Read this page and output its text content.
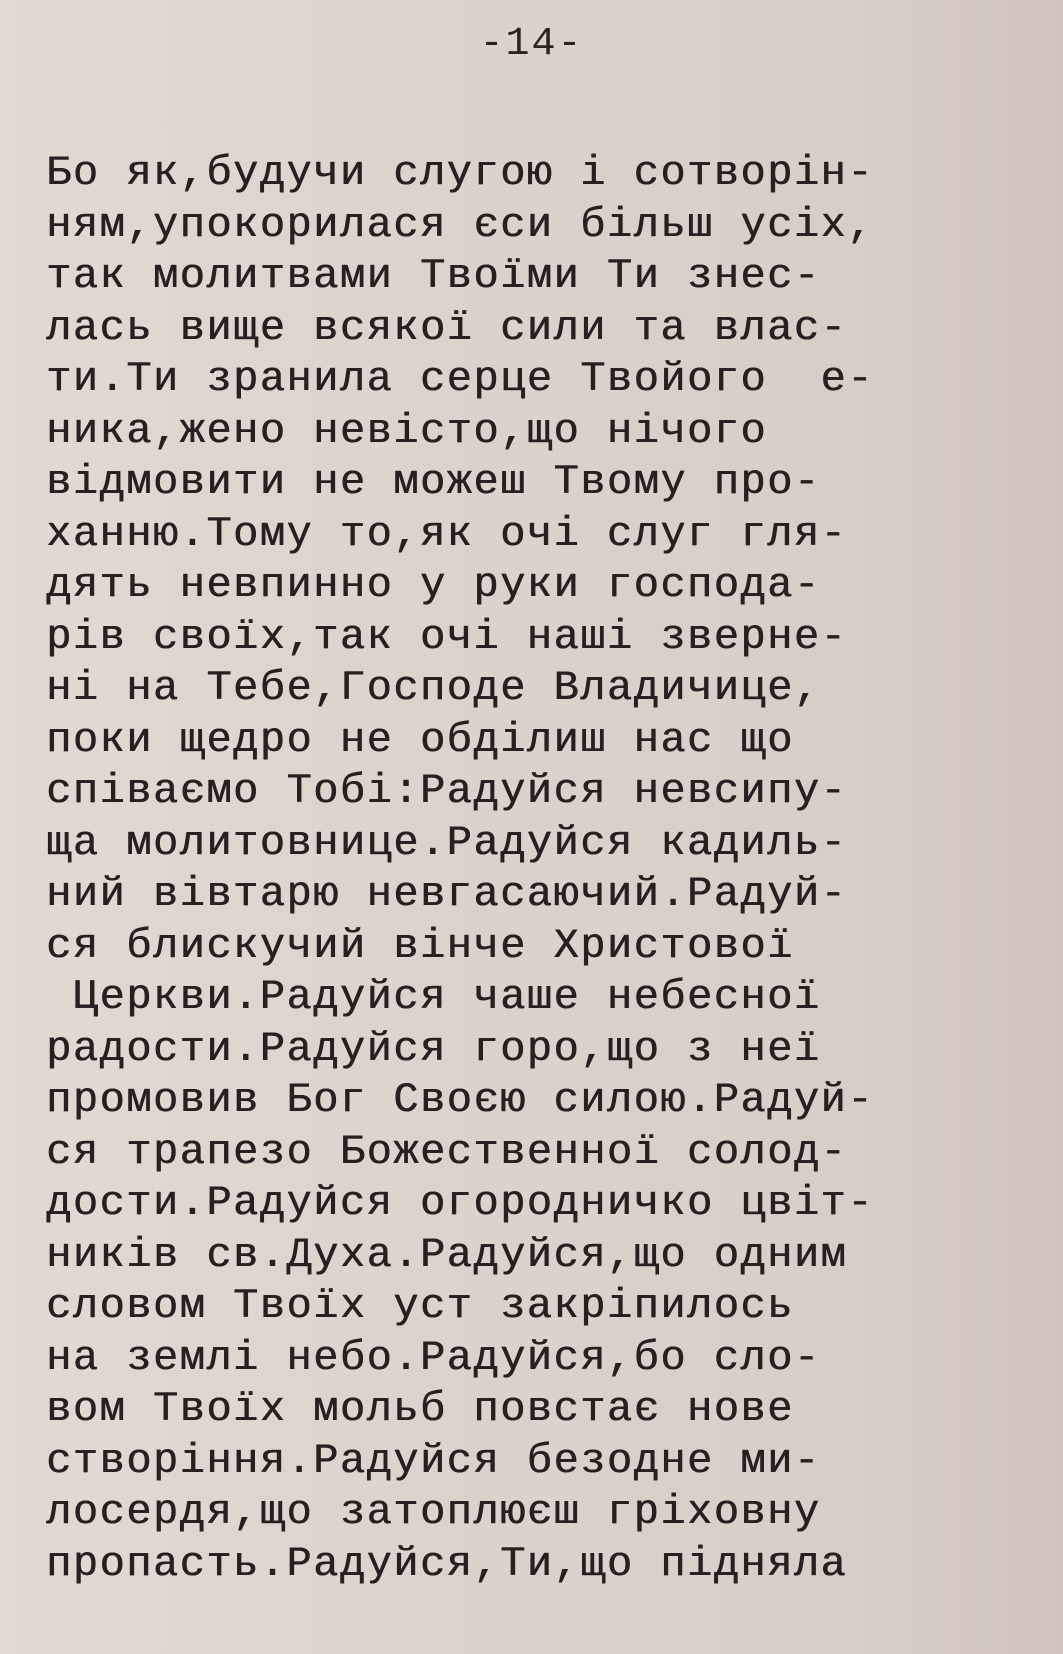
-14-
Бо як,будучи слугою і сотворін-
ням,упокорилася єси більш усіх,
так молитвами Твоїми Ти знес-
лась вище всякої сили та влас-
ти.Ти зранила серце Твойого  е-
ника,жено невісто,що нічого
відмовити не можеш Твому про-
ханню.Тому то,як очі слуг гля-
дять невпинно у руки господа-
рів своїх,так очі наші зверне-
ні на Тебе,Господе Владичице,
поки щедро не обділиш нас що
співаємо Тобі:Радуйся невсипу-
ща молитовнице.Радуйся кадиль-
ний вівтарю невгасаючий.Радуй-
ся блискучий вінче Христової
Церкви.Радуйся чаше небесної
радости.Радуйся горо,що з неї
промовив Бог Своєю силою.Радуй-
ся трапезо Божественної солод-
дости.Радуйся огородничко цвіт-
ників св.Духа.Радуйся,що одним
словом Твоїх уст закріпилось
на землі небо.Радуйся,бо сло-
вом Твоїх мольб повстає нове
створіння.Радуйся безодне ми-
лосердя,що затоплюєш гріховну
пропасть.Радуйся,Ти,що підняла
